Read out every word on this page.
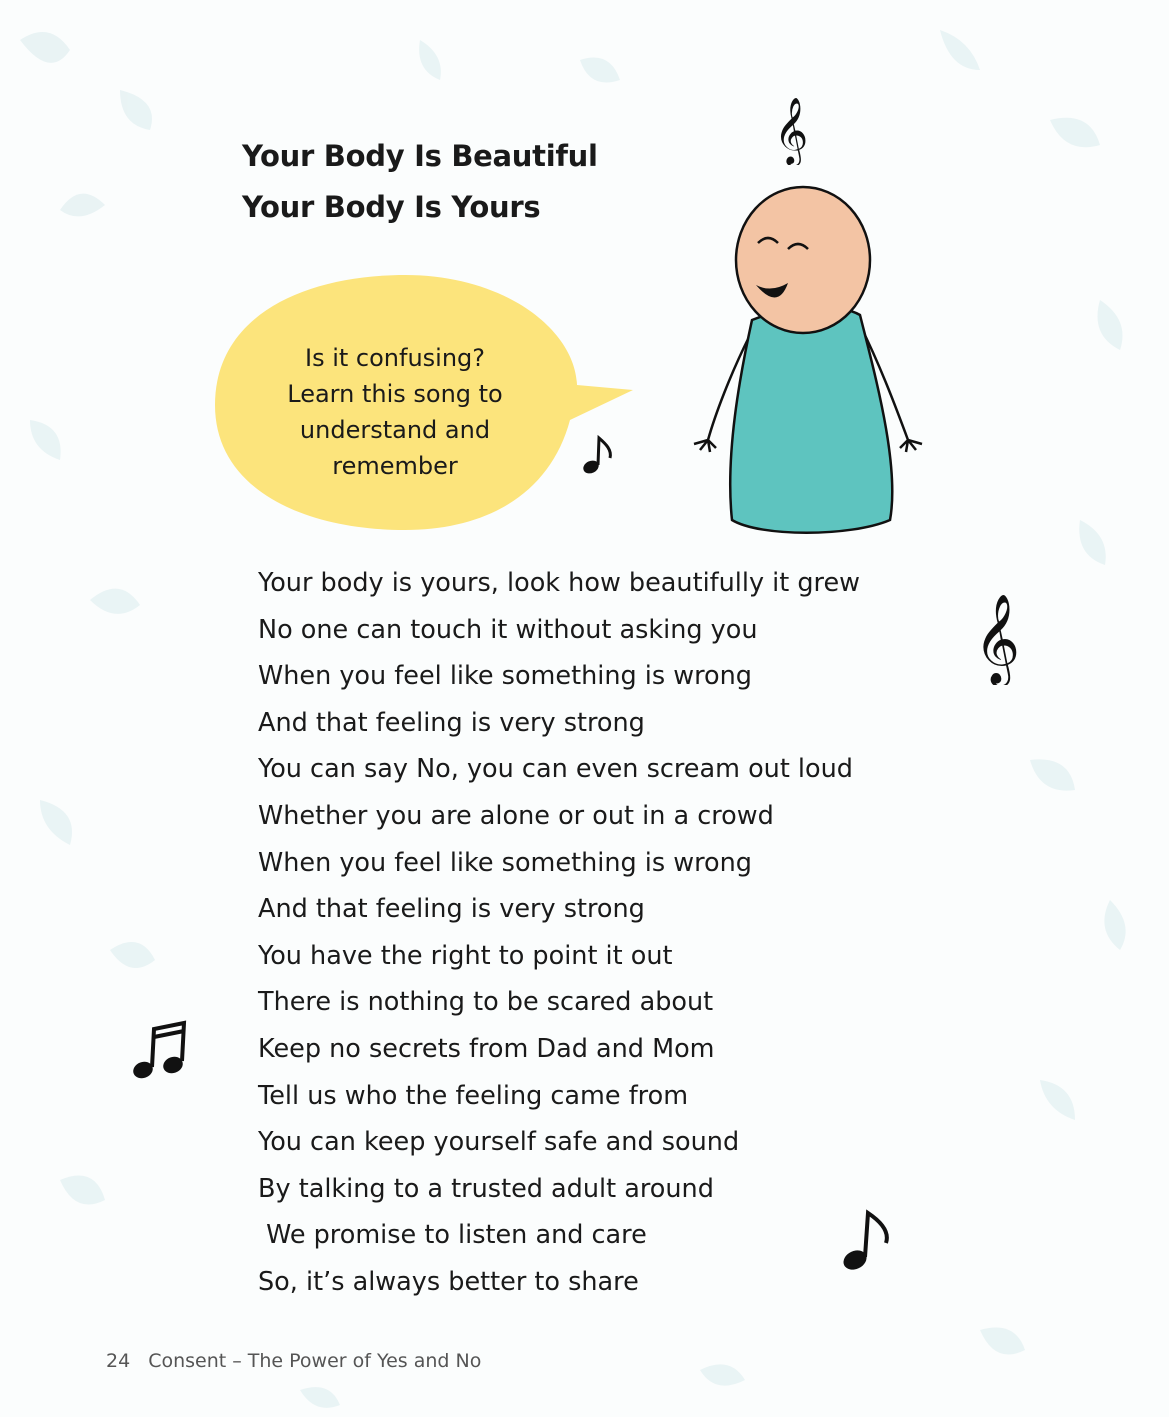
Your Body Is Beautiful
Your Body Is Yours
Is it confusing?
Learn this song to
understand and
remember
𝄞
𝄞
Your body is yours, look how beautifully it grew
No one can touch it without asking you
When you feel like something is wrong
And that feeling is very strong
You can say No, you can even scream out loud
Whether you are alone or out in a crowd
When you feel like something is wrong
And that feeling is very strong
You have the right to point it out
There is nothing to be scared about
Keep no secrets from Dad and Mom
Tell us who the feeling came from
You can keep yourself safe and sound
By talking to a trusted adult around
We promise to listen and care
So, it’s always better to share
24 Consent – The Power of Yes and No
